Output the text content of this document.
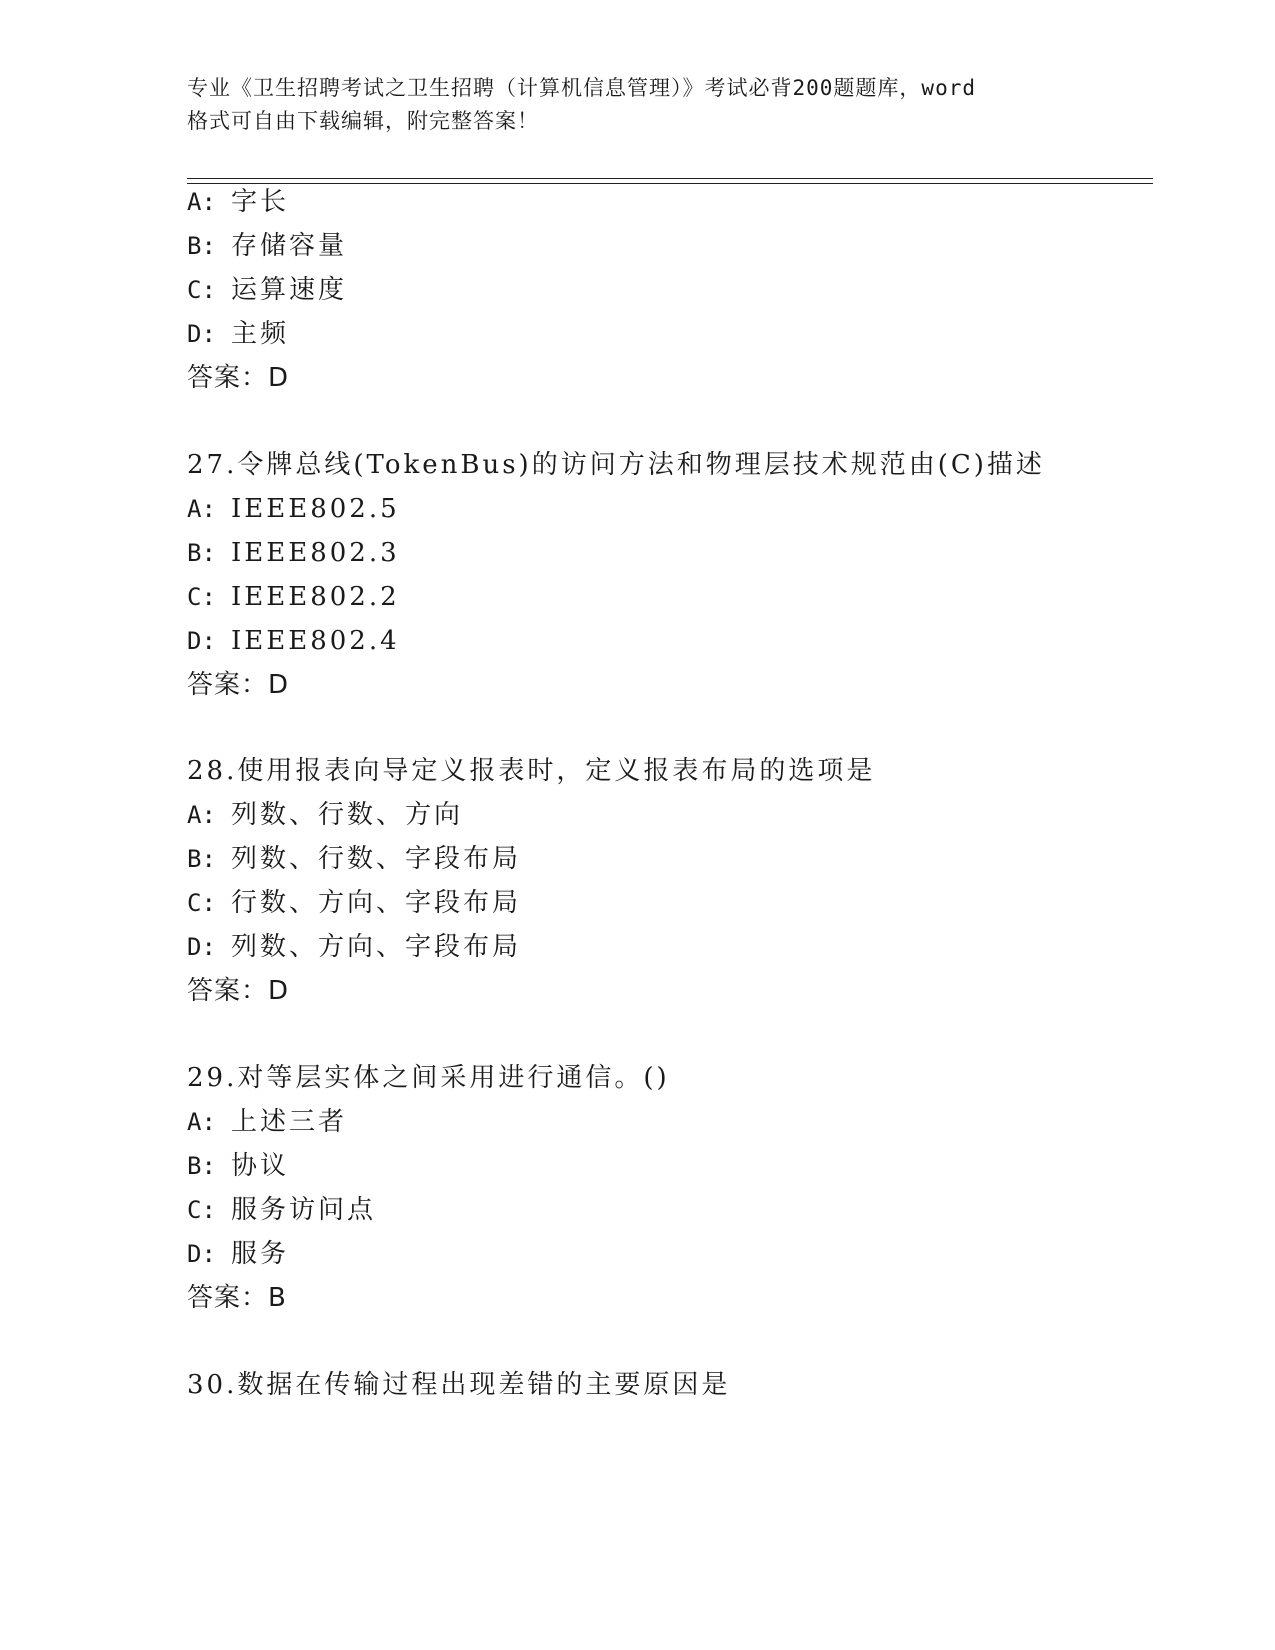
专业《卫生招聘考试之卫生招聘（计算机信息管理）》考试必背200题题库，word
格式可自由下载编辑，附完整答案！
A: 字长
B: 存储容量
C: 运算速度
D: 主频
答案：D
27.令牌总线(TokenBus)的访问方法和物理层技术规范由(C)描述
A: IEEE802.5
B: IEEE802.3
C: IEEE802.2
D: IEEE802.4
答案：D
28.使用报表向导定义报表时，定义报表布局的选项是
A: 列数、行数、方向
B: 列数、行数、字段布局
C: 行数、方向、字段布局
D: 列数、方向、字段布局
答案：D
29.对等层实体之间采用进行通信。()
A: 上述三者
B: 协议
C: 服务访问点
D: 服务
答案：B
30.数据在传输过程出现差错的主要原因是
